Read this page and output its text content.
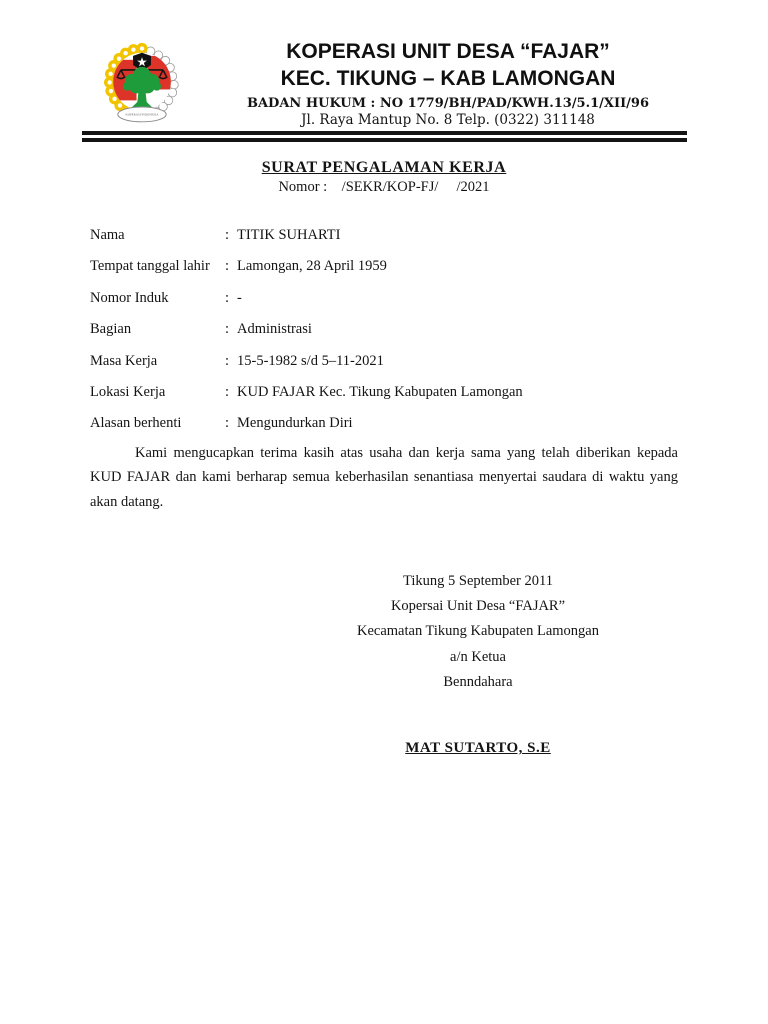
KOPERASI INDONESIA
KOPERASI UNIT DESA “FAJAR”
KEC. TIKUNG – KAB LAMONGAN
BADAN HUKUM : NO 1779/BH/PAD/KWH.13/5.1/XII/96
Jl. Raya Mantup No. 8 Telp. (0322) 311148
SURAT PENGALAMAN KERJA
Nomor :    /SEKR/KOP-FJ/     /2021
Nama	: TITIK SUHARTI
Tempat tanggal lahir	: Lamongan, 28 April 1959
Nomor Induk	: -
Bagian	: Administrasi
Masa Kerja	: 15-5-1982 s/d 5–11-2021
Lokasi Kerja	: KUD FAJAR Kec. Tikung Kabupaten Lamongan
Alasan berhenti	: Mengundurkan Diri

Kami mengucapkan terima kasih atas usaha dan kerja sama yang telah diberikan kepada KUD FAJAR dan kami berharap semua keberhasilan senantiasa menyertai saudara di waktu yang akan datang.

Tikung 5 September 2011
Kopersai Unit Desa “FAJAR”
Kecamatan Tikung Kabupaten Lamongan
a/n Ketua
Benndahara
MAT SUTARTO, S.E
